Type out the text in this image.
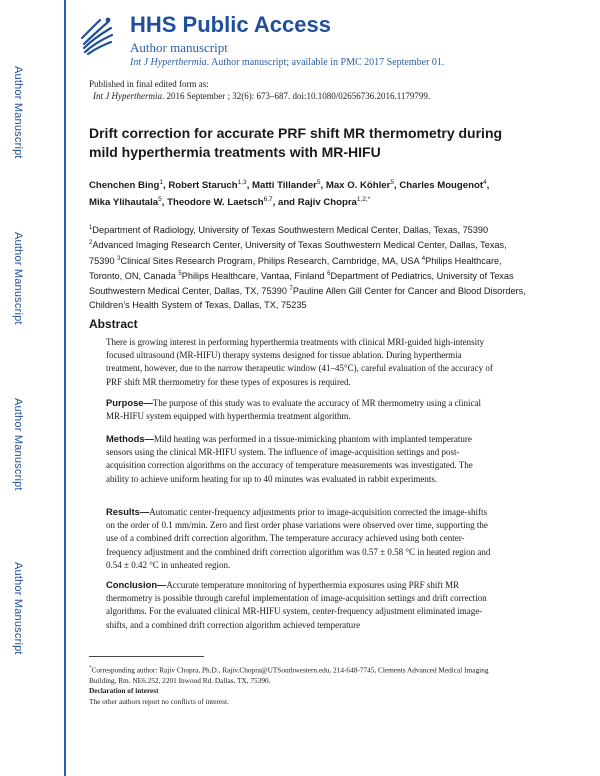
Author Manuscript
Author Manuscript
Author Manuscript
Author Manuscript
HHS Public Access
Author manuscript
Int J Hyperthermia. Author manuscript; available in PMC 2017 September 01.
Published in final edited form as:
Int J Hyperthermia. 2016 September ; 32(6): 673–687. doi:10.1080/02656736.2016.1179799.
Drift correction for accurate PRF shift MR thermometry during mild hyperthermia treatments with MR-HIFU
Chenchen Bing$^1$, Robert Staruch$^{1,3}$, Matti Tillander$^5$, Max O. Köhler$^5$, Charles Mougenot$^4$,
Mika Ylihautala$^5$, Theodore W. Laetsch$^{6,7}$, and Rajiv Chopra$^{1,2,*}$
$^1$Department of Radiology, University of Texas Southwestern Medical Center, Dallas, Texas, 75390 $^2$Advanced Imaging Research Center, University of Texas Southwestern Medical Center, Dallas, Texas, 75390 $^3$Clinical Sites Research Program, Philips Research, Cambridge, MA, USA $^4$Philips Healthcare, Toronto, ON, Canada $^5$Philips Healthcare, Vantaa, Finland $^6$Department of Pediatrics, University of Texas Southwestern Medical Center, Dallas, TX, 75390 $^7$Pauline Allen Gill Center for Cancer and Blood Disorders, Children’s Health System of Texas, Dallas, TX, 75235
Abstract
There is growing interest in performing hyperthermia treatments with clinical MRI-guided high-intensity focused ultrasound (MR-HIFU) therapy systems designed for tissue ablation. During hyperthermia treatment, however, due to the narrow therapeutic window (41–45°C), careful evaluation of the accuracy of PRF shift MR thermometry for these types of exposures is required.
Purpose—The purpose of this study was to evaluate the accuracy of MR thermometry using a clinical MR-HIFU system equipped with hyperthermia treatment algorithm.
Methods—Mild heating was performed in a tissue-mimicking phantom with implanted temperature sensors using the clinical MR-HIFU system. The influence of image-acquisition settings and post-acquisition correction algorithms on the accuracy of temperature measurements was investigated. The ability to achieve uniform heating for up to 40 minutes was evaluated in rabbit experiments.
Results—Automatic center-frequency adjustments prior to image-acquisition corrected the image-shifts on the order of 0.1 mm/min. Zero and first order phase variations were observed over time, supporting the use of a combined drift correction algorithm. The temperature accuracy achieved using both center-frequency adjustment and the combined drift correction algorithm was 0.57 ± 0.58 °C in heated region and 0.54 ± 0.42 °C in unheated region.
Conclusion—Accurate temperature monitoring of hyperthermia exposures using PRF shift MR thermometry is possible through careful implementation of image-acquisition settings and drift correction algorithms. For the evaluated clinical MR-HIFU system, center-frequency adjustment eliminated image-shifts, and a combined drift correction algorithm achieved temperature
*Corresponding author: Rajiv Chopra, Ph.D., Rajiv.Chopra@UTSouthwestern.edu, 214-648-7745, Clements Advanced Medical Imaging Building, Rm. NE6.252, 2201 Inwood Rd. Dallas, TX, 75390.
Declaration of interest
The other authors report no conflicts of interest.
